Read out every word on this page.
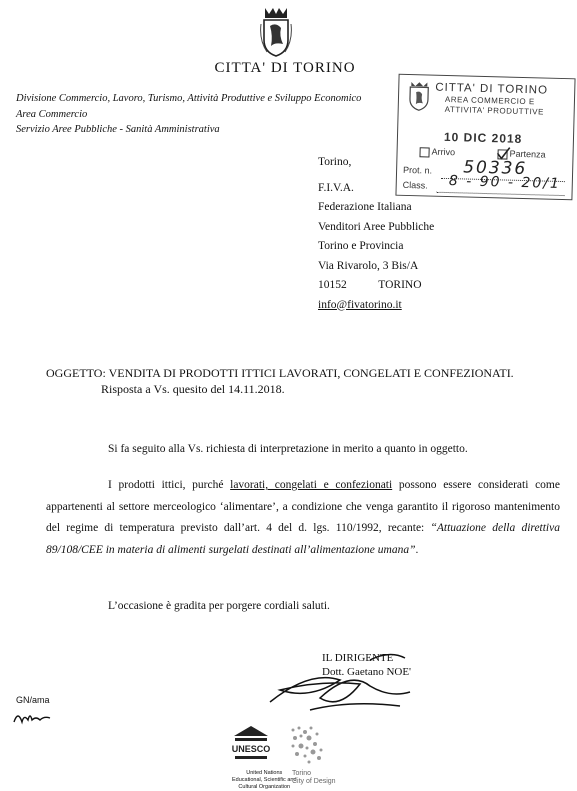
CITTA' DI TORINO
Divisione Commercio, Lavoro, Turismo, Attività Produttive e Sviluppo Economico
Area Commercio
Servizio Aree Pubbliche - Sanità Amministrativa
CITTA' DI TORINO
AREA COMMERCIO E
ATTIVITA' PRODUTTIVE
10 DIC 2018
Arrivo	Partenza
Prot. n. 50336
Class. 8 - 90 - 20/1
Torino,
F.I.V.A.
Federazione Italiana
Venditori Aree Pubbliche
Torino e Provincia
Via Rivarolo, 3 Bis/A
10152	TORINO
info@fivatorino.it
OGGETTO: VENDITA DI PRODOTTI ITTICI LAVORATI, CONGELATI E CONFEZIONATI.
Risposta a Vs. quesito del 14.11.2018.
Si fa seguito alla Vs. richiesta di interpretazione in merito a quanto in oggetto.
I prodotti ittici, purché lavorati, congelati e confezionati possono essere considerati come appartenenti al settore merceologico ‘alimentare’, a condizione che venga garantito il rigoroso mantenimento del regime di temperatura previsto dall’art. 4 del d. lgs. 110/1992, recante: “Attuazione della direttiva 89/108/CEE in materia di alimenti surgelati destinati all’alimentazione umana”.
L’occasione è gradita per porgere cordiali saluti.
IL DIRIGENTE
Dott. Gaetano NOE'
GN/ama
UNESCO
United Nations
Educational, Scientific and
Cultural Organization
Torino
City of Design
